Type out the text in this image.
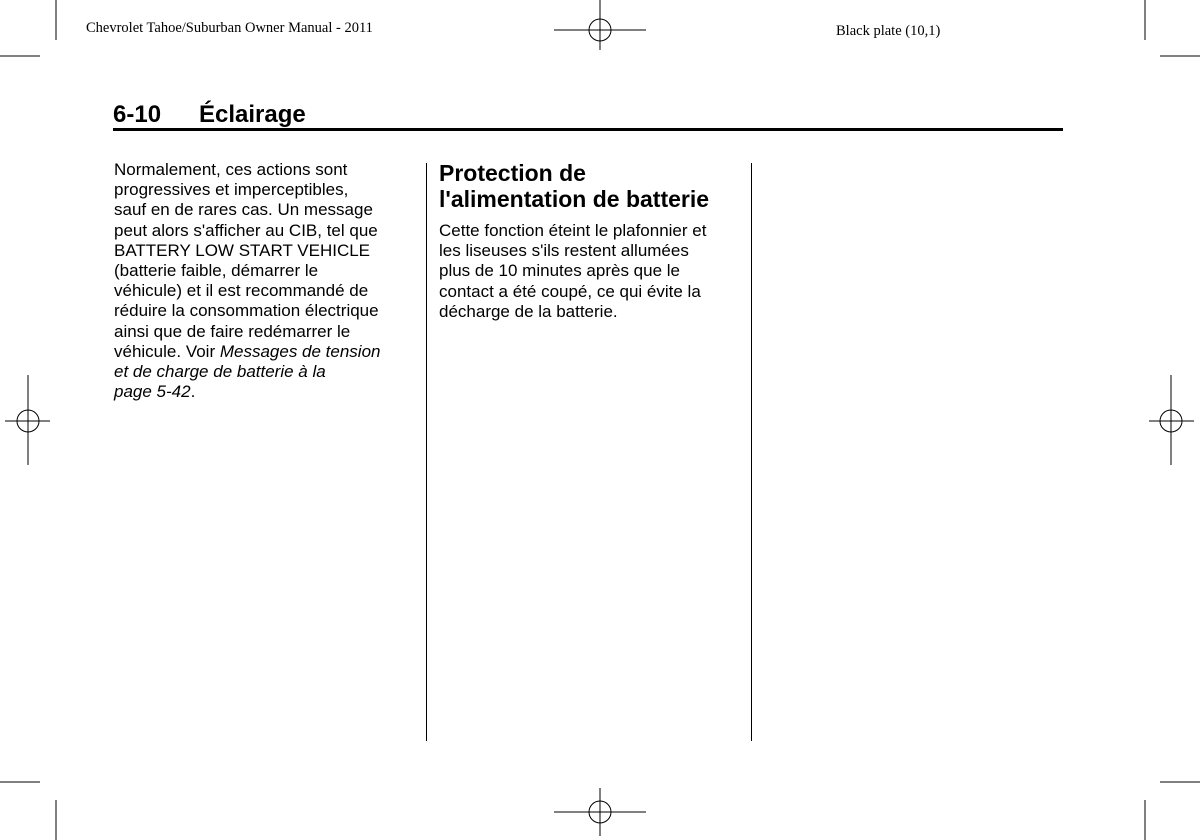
Chevrolet Tahoe/Suburban Owner Manual - 2011	Black plate (10,1)
6-10 Éclairage
Normalement, ces actions sont
progressives et imperceptibles,
sauf en de rares cas. Un message
peut alors s'afficher au CIB, tel que
BATTERY LOW START VEHICLE
(batterie faible, démarrer le
véhicule) et il est recommandé de
réduire la consommation électrique
ainsi que de faire redémarrer le
véhicule. Voir Messages de tension
et de charge de batterie à la
page 5-42.
Protection de
l'alimentation de batterie
Cette fonction éteint le plafonnier et
les liseuses s'ils restent allumées
plus de 10 minutes après que le
contact a été coupé, ce qui évite la
décharge de la batterie.
